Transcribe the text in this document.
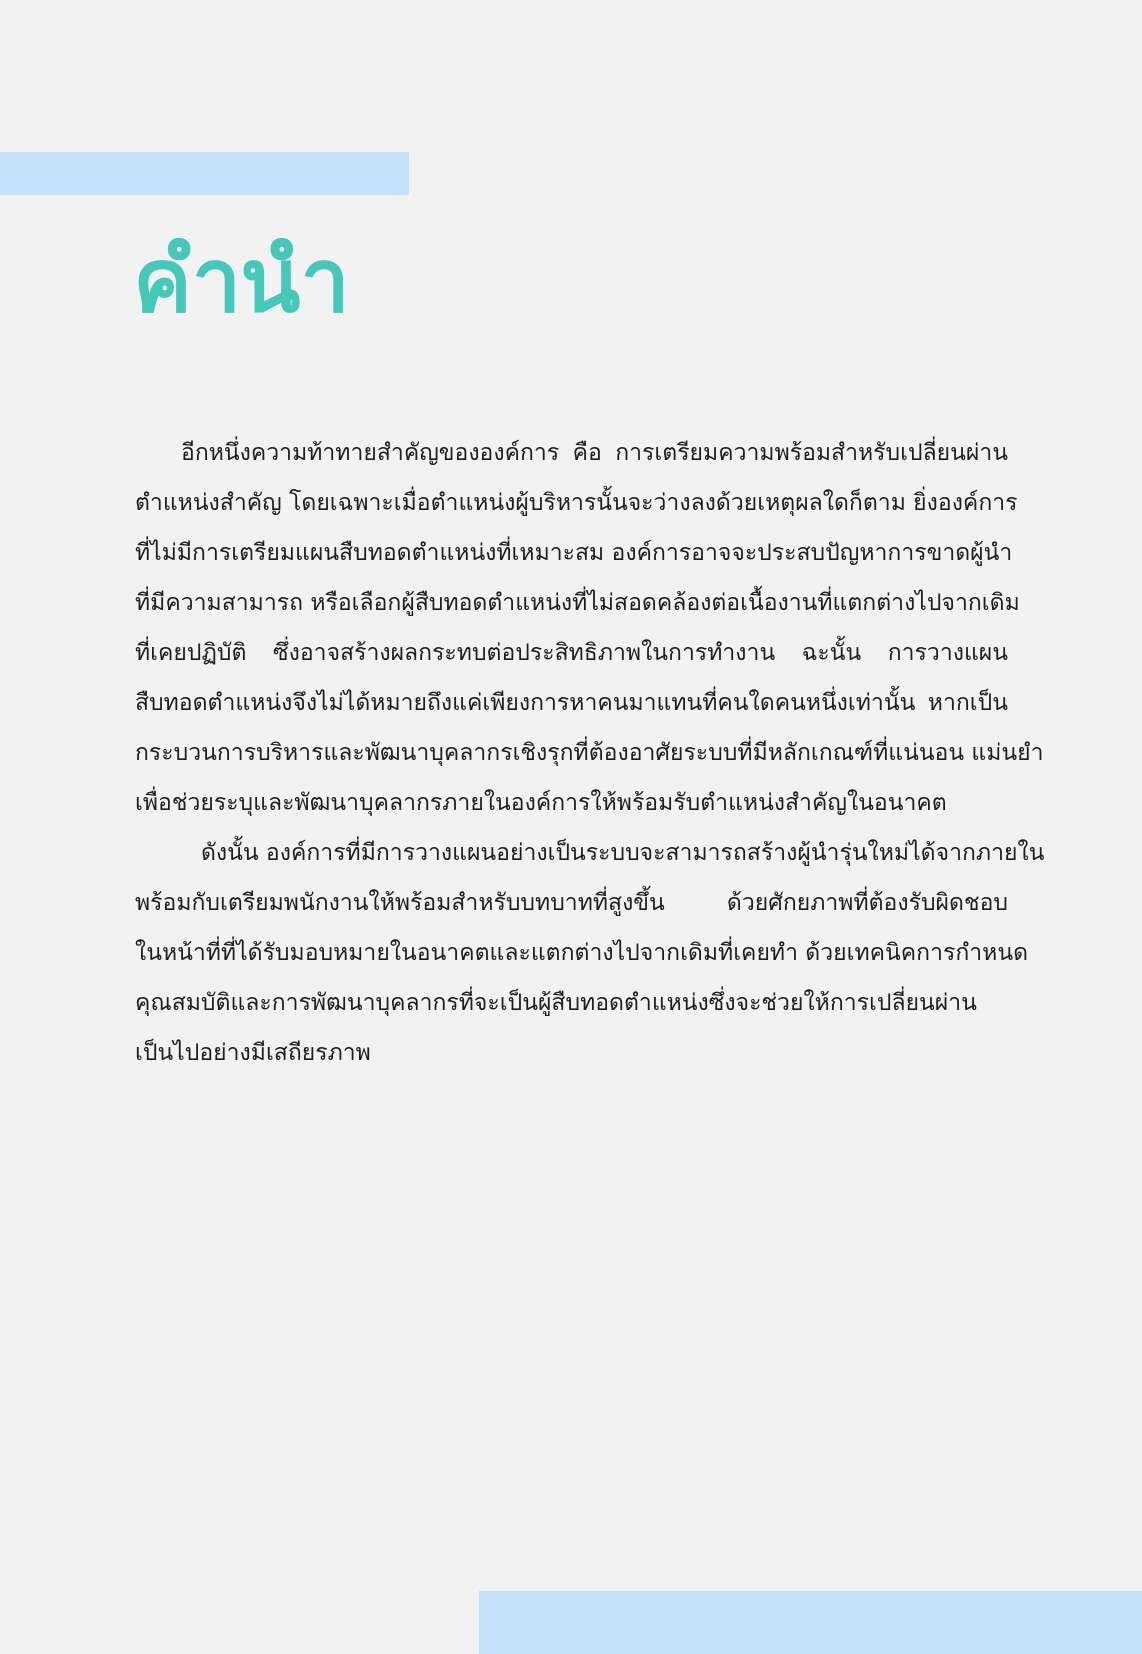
คำนำ
อีกหนึ่งความท้าทายสำคัญขององค์การ คือ การเตรียมความพร้อมสำหรับเปลี่ยนผ่าน
ตำแหน่งสำคัญ โดยเฉพาะเมื่อตำแหน่งผู้บริหารนั้นจะว่างลงด้วยเหตุผลใดก็ตาม ยิ่งองค์การ
ที่ไม่มีการเตรียมแผนสืบทอดตำแหน่งที่เหมาะสม องค์การอาจจะประสบปัญหาการขาดผู้นำ
ที่มีความสามารถ หรือเลือกผู้สืบทอดตำแหน่งที่ไม่สอดคล้องต่อเนื้องานที่แตกต่างไปจากเดิม
ที่เคยปฏิบัติ ซึ่งอาจสร้างผลกระทบต่อประสิทธิภาพในการทำงาน ฉะนั้น การวางแผน
สืบทอดตำแหน่งจึงไม่ได้หมายถึงแค่เพียงการหาคนมาแทนที่คนใดคนหนึ่งเท่านั้น หากเป็น
กระบวนการบริหารและพัฒนาบุคลากรเชิงรุกที่ต้องอาศัยระบบที่มีหลักเกณฑ์ที่แน่นอน แม่นยำ
เพื่อช่วยระบุและพัฒนาบุคลากรภายในองค์การให้พร้อมรับตำแหน่งสำคัญในอนาคต
ดังนั้น องค์การที่มีการวางแผนอย่างเป็นระบบจะสามารถสร้างผู้นำรุ่นใหม่ได้จากภายใน
พร้อมกับเตรียมพนักงานให้พร้อมสำหรับบทบาทที่สูงขึ้น ด้วยศักยภาพที่ต้องรับผิดชอบ
ในหน้าที่ที่ได้รับมอบหมายในอนาคตและแตกต่างไปจากเดิมที่เคยทำ ด้วยเทคนิคการกำหนด
คุณสมบัติและการพัฒนาบุคลากรที่จะเป็นผู้สืบทอดตำแหน่งซึ่งจะช่วยให้การเปลี่ยนผ่าน
เป็นไปอย่างมีเสถียรภาพ
